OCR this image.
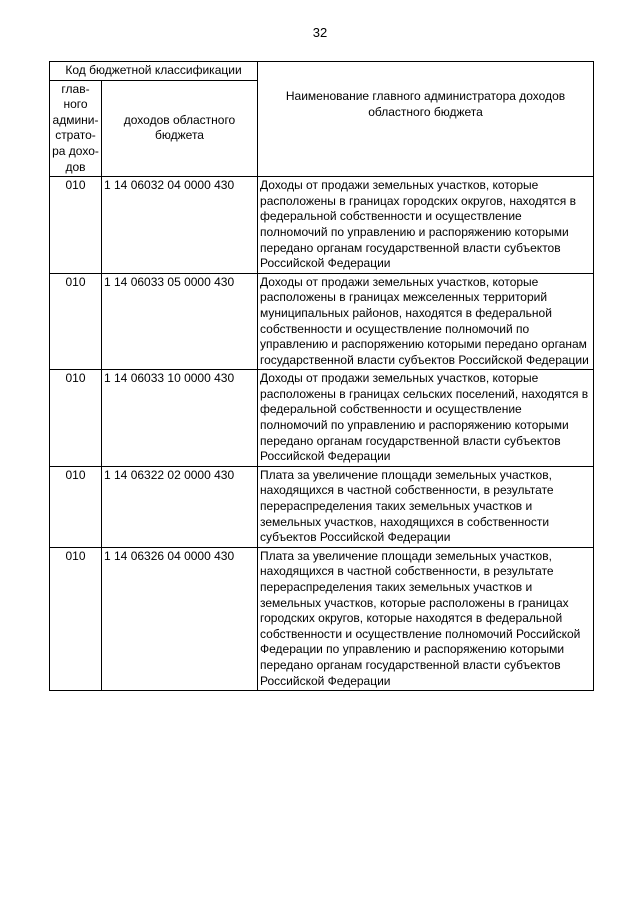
32
Код бюджетной классификации		Наименование главного администратора доходов областного бюджета
глав-ного админи-страто-ра дохо-дов	доходов областного бюджета	
010	1 14 06032 04 0000 430	Доходы от продажи земельных участков, которые расположены в границах городских округов, находятся в федеральной собственности и осуществление полномочий по управлению и распоряжению которыми передано органам государственной власти субъектов Российской Федерации
010	1 14 06033 05 0000 430	Доходы от продажи земельных участков, которые расположены в границах межселенных территорий муниципальных районов, находятся в федеральной собственности и осуществление полномочий по управлению и распоряжению которыми передано органам государственной власти субъектов Российской Федерации
010	1 14 06033 10 0000 430	Доходы от продажи земельных участков, которые расположены в границах сельских поселений, находятся в федеральной собственности и осуществление полномочий по управлению и распоряжению которыми передано органам государственной власти субъектов Российской Федерации
010	1 14 06322 02 0000 430	Плата за увеличение площади земельных участков, находящихся в частной собственности, в результате перераспределения таких земельных участков и земельных участков, находящихся в собственности субъектов Российской Федерации
010	1 14 06326 04 0000 430	Плата за увеличение площади земельных участков, находящихся в частной собственности, в результате перераспределения таких земельных участков и земельных участков, которые расположены в границах городских округов, которые находятся в федеральной собственности и осуществление полномочий Российской Федерации по управлению и распоряжению которыми передано органам государственной власти субъектов Российской Федерации
